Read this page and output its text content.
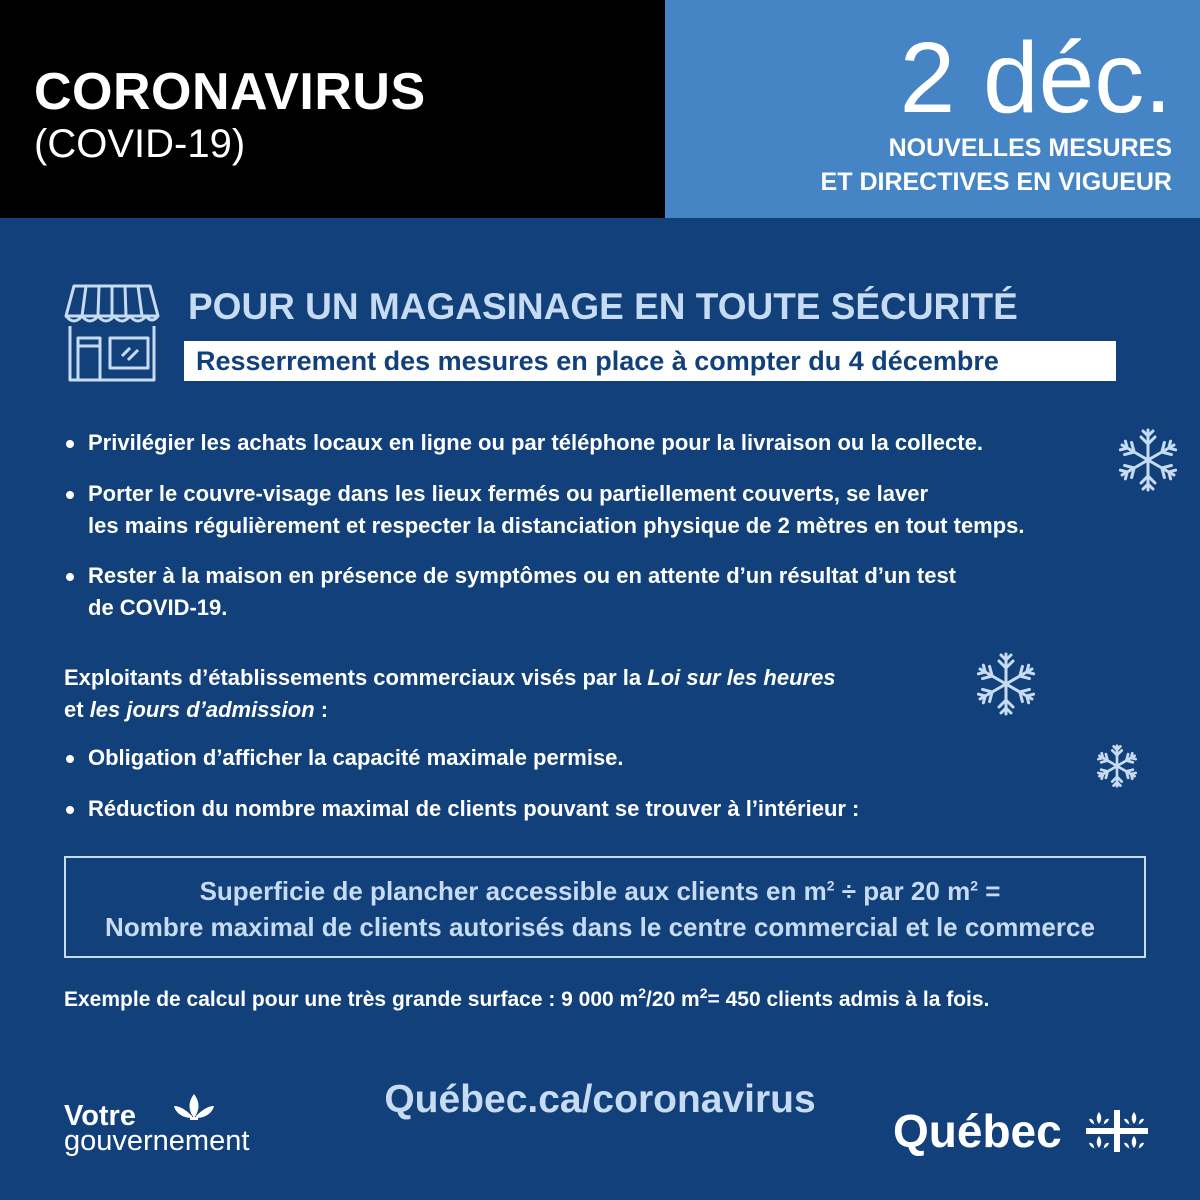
CORONAVIRUS
(COVID-19)
2 déc.
NOUVELLES MESURES
ET DIRECTIVES EN VIGUEUR
POUR UN MAGASINAGE EN TOUTE SÉCURITÉ
Resserrement des mesures en place à compter du 4 décembre
Privilégier les achats locaux en ligne ou par téléphone pour la livraison ou la collecte.
Porter le couvre-visage dans les lieux fermés ou partiellement couverts, se laver
les mains régulièrement et respecter la distanciation physique de 2 mètres en tout temps.
Rester à la maison en présence de symptômes ou en attente d’un résultat d’un test
de COVID-19.
Exploitants d’établissements commerciaux visés par la Loi sur les heures
et les jours d’admission :
Obligation d’afficher la capacité maximale permise.
Réduction du nombre maximal de clients pouvant se trouver à l’intérieur :
Superficie de plancher accessible aux clients en $m^2$ ÷ par 20 $m^2$ =
Nombre maximal de clients autorisés dans le centre commercial et le commerce
Exemple de calcul pour une très grande surface : 9 000 $m^2/20$ $m^2= 450$ clients admis à la fois.
Québec.ca/coronavirus
Votre
gouvernement	Québec
